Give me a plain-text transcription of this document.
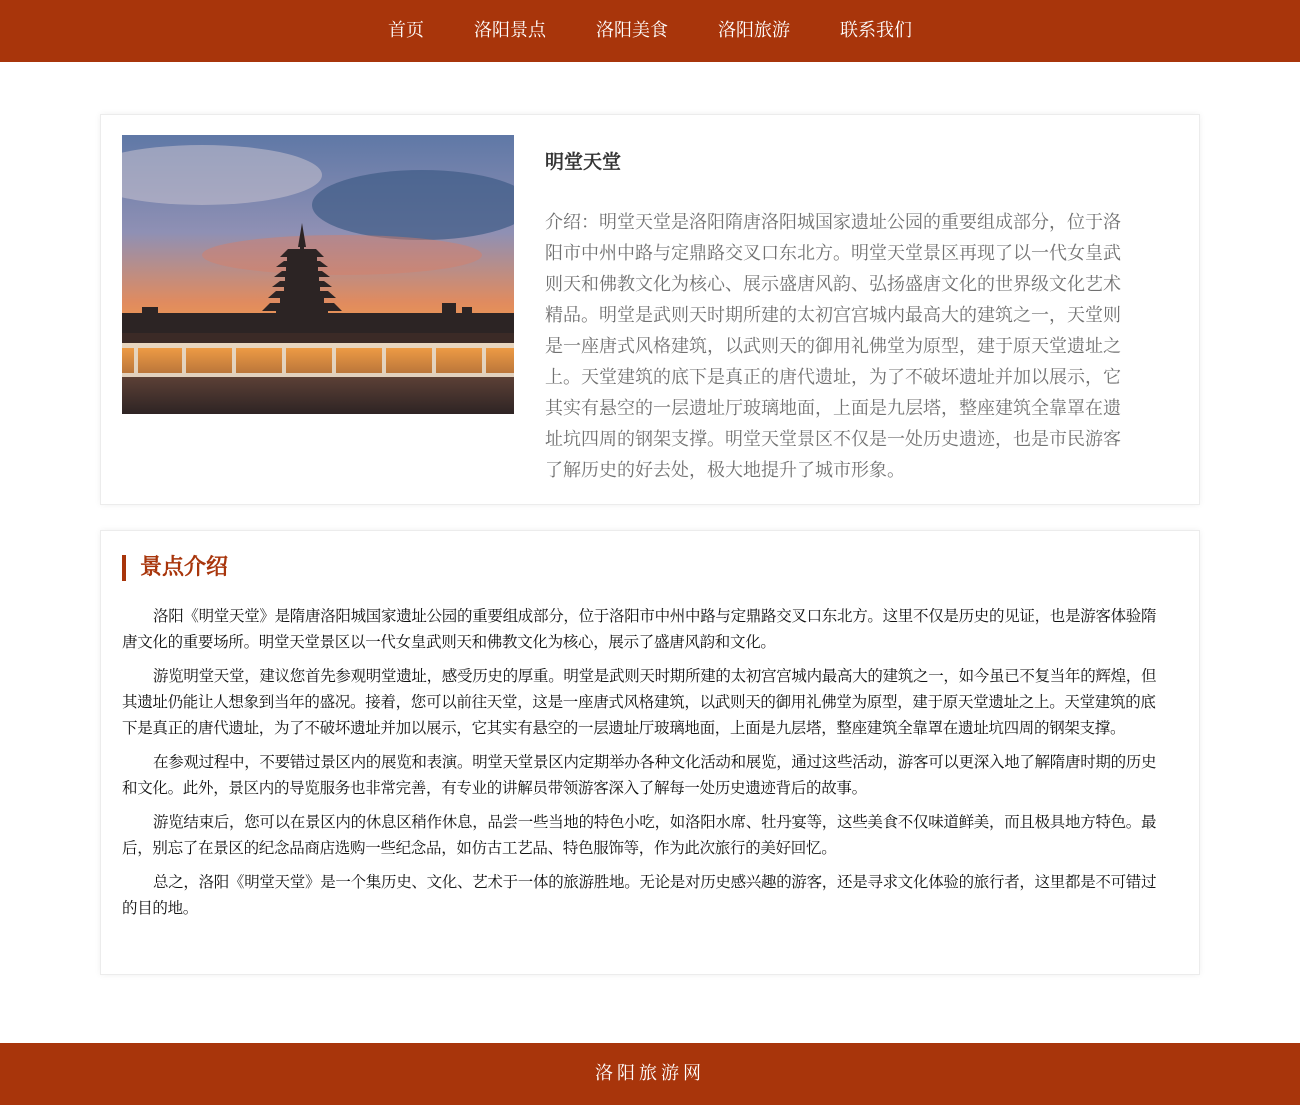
首页	洛阳景点	洛阳美食	洛阳旅游	联系我们
明堂天堂

介绍：明堂天堂是洛阳隋唐洛阳城国家遗址公园的重要组成部分，位于洛阳市中州中路与定鼎路交叉口东北方。明堂天堂景区再现了以一代女皇武则天和佛教文化为核心、展示盛唐风韵、弘扬盛唐文化的世界级文化艺术精品。明堂是武则天时期所建的太初宫宫城内最高大的建筑之一，天堂则是一座唐式风格建筑，以武则天的御用礼佛堂为原型，建于原天堂遗址之上。天堂建筑的底下是真正的唐代遗址，为了不破坏遗址并加以展示，它其实有悬空的一层遗址厅玻璃地面，上面是九层塔，整座建筑全靠罩在遗址坑四周的钢架支撑。明堂天堂景区不仅是一处历史遗迹，也是市民游客了解历史的好去处，极大地提升了城市形象。

景点介绍

洛阳《明堂天堂》是隋唐洛阳城国家遗址公园的重要组成部分，位于洛阳市中州中路与定鼎路交叉口东北方。这里不仅是历史的见证，也是游客体验隋唐文化的重要场所。明堂天堂景区以一代女皇武则天和佛教文化为核心，展示了盛唐风韵和文化。

游览明堂天堂，建议您首先参观明堂遗址，感受历史的厚重。明堂是武则天时期所建的太初宫宫城内最高大的建筑之一，如今虽已不复当年的辉煌，但其遗址仍能让人想象到当年的盛况。接着，您可以前往天堂，这是一座唐式风格建筑，以武则天的御用礼佛堂为原型，建于原天堂遗址之上。天堂建筑的底下是真正的唐代遗址，为了不破坏遗址并加以展示，它其实有悬空的一层遗址厅玻璃地面，上面是九层塔，整座建筑全靠罩在遗址坑四周的钢架支撑。

在参观过程中，不要错过景区内的展览和表演。明堂天堂景区内定期举办各种文化活动和展览，通过这些活动，游客可以更深入地了解隋唐时期的历史和文化。此外，景区内的导览服务也非常完善，有专业的讲解员带领游客深入了解每一处历史遗迹背后的故事。

游览结束后，您可以在景区内的休息区稍作休息，品尝一些当地的特色小吃，如洛阳水席、牡丹宴等，这些美食不仅味道鲜美，而且极具地方特色。最后，别忘了在景区的纪念品商店选购一些纪念品，如仿古工艺品、特色服饰等，作为此次旅行的美好回忆。

总之，洛阳《明堂天堂》是一个集历史、文化、艺术于一体的旅游胜地。无论是对历史感兴趣的游客，还是寻求文化体验的旅行者，这里都是不可错过的目的地。

洛阳旅游网
